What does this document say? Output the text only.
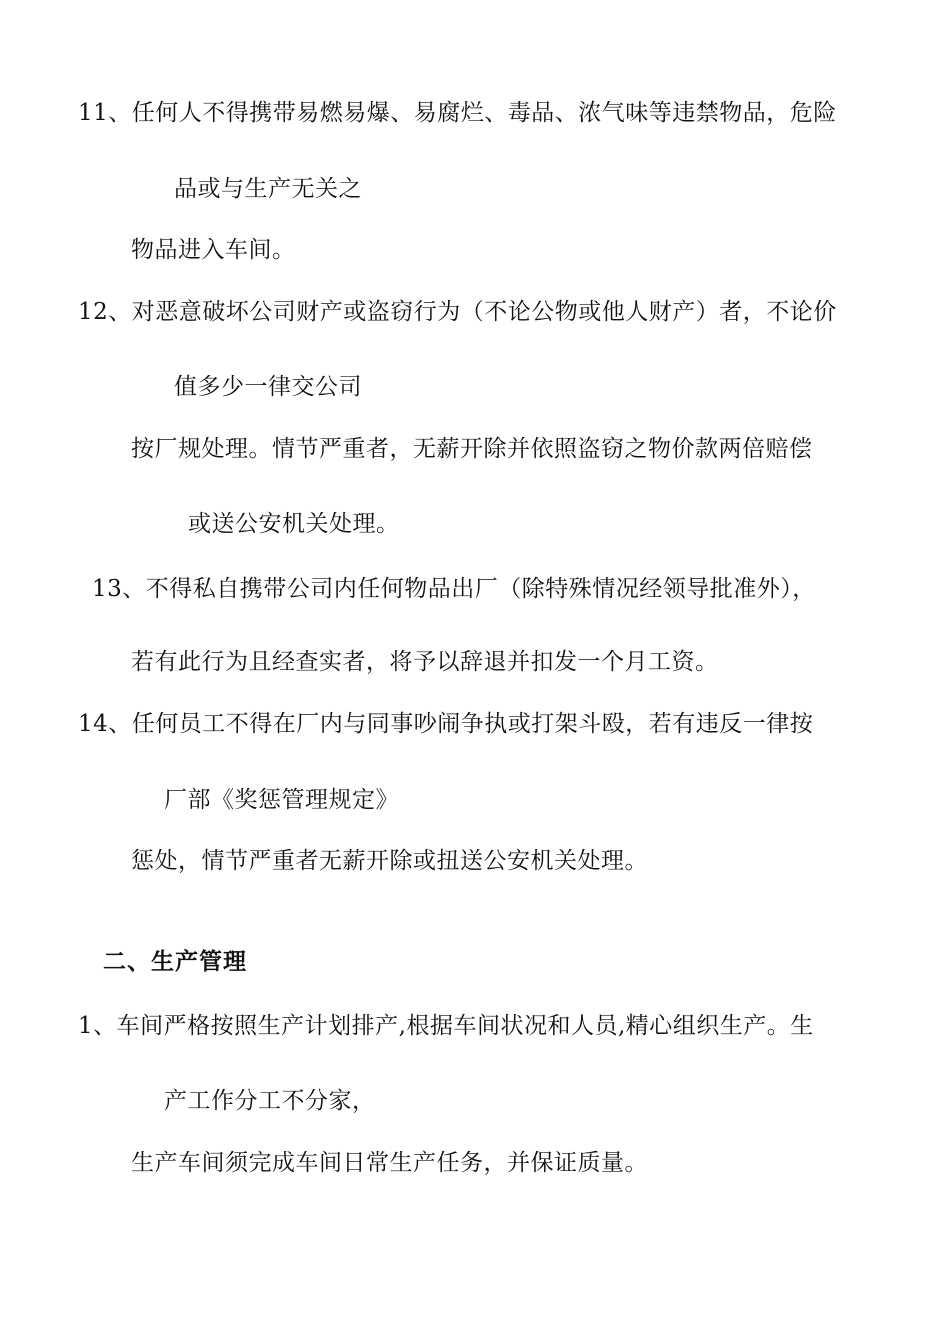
11、任何人不得携带易燃易爆、易腐烂、毒品、浓气味等违禁物品，危险
品或与生产无关之
物品进入车间。
12、对恶意破坏公司财产或盗窃行为（不论公物或他人财产）者，不论价
值多少一律交公司
按厂规处理。情节严重者，无薪开除并依照盗窃之物价款两倍赔偿
或送公安机关处理。
13、不得私自携带公司内任何物品出厂（除特殊情况经领导批准外），
若有此行为且经查实者，将予以辞退并扣发一个月工资。
14、任何员工不得在厂内与同事吵闹争执或打架斗殴，若有违反一律按
厂部《奖惩管理规定》
惩处，情节严重者无薪开除或扭送公安机关处理。
二、生产管理
1、车间严格按照生产计划排产,根据车间状况和人员,精心组织生产。生
产工作分工不分家，
生产车间须完成车间日常生产任务，并保证质量。
